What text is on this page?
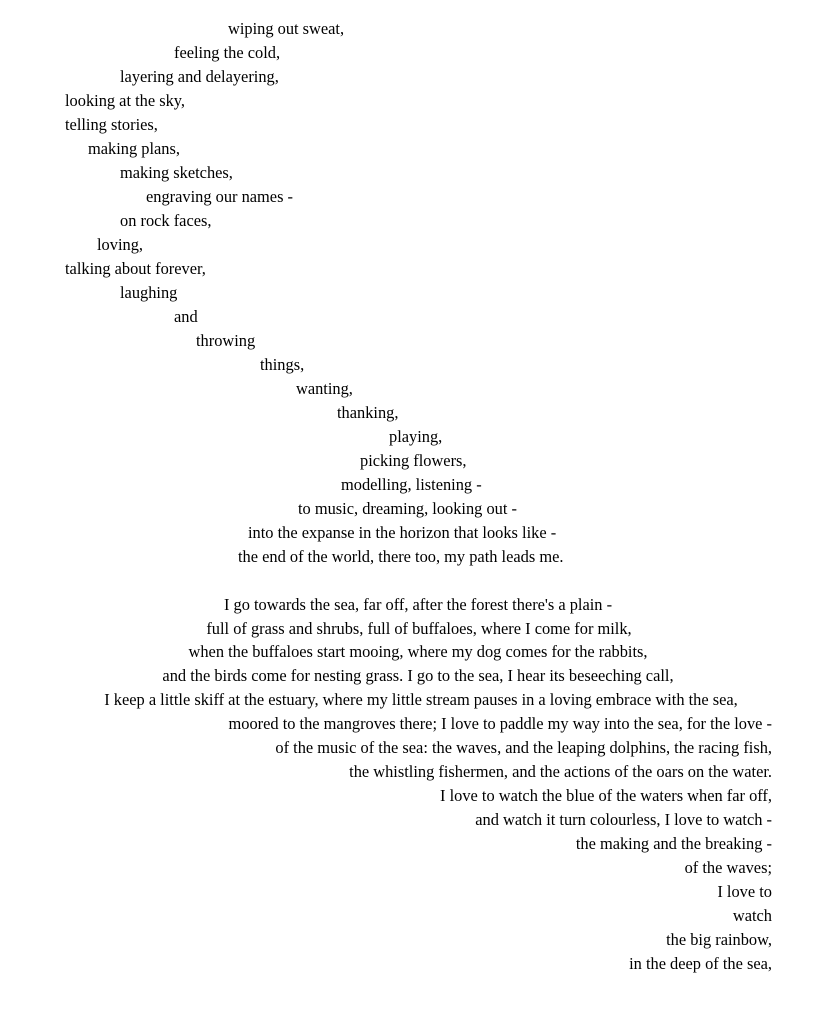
wiping out sweat,
feeling the cold,
layering and delayering,
looking at the sky,
telling stories,
making plans,
making sketches,
engraving our names -
on rock faces,
loving,
talking about forever,
laughing
and
throwing
things,
wanting,
thanking,
playing,
picking flowers,
modelling, listening -
to music, dreaming, looking out -
into the expanse in the horizon that looks like -
the end of the world, there too, my path leads me.
I go towards the sea, far off, after the forest there's a plain -
full of grass and shrubs, full of buffaloes, where I come for milk,
when the buffaloes start mooing, where my dog comes for the rabbits,
and the birds come for nesting grass. I go to the sea, I hear its beseeching call,
I keep a little skiff at the estuary, where my little stream pauses in a loving embrace with the sea,
moored to the mangroves there; I love to paddle my way into the sea, for the love -
of the music of the sea: the waves, and the leaping dolphins, the racing fish,
the whistling fishermen, and the actions of the oars on the water.
I love to watch the blue of the waters when far off,
and watch it turn colourless, I love to watch -
the making and the breaking -
of the waves;
I love to
watch
the big rainbow,
in the deep of the sea,
